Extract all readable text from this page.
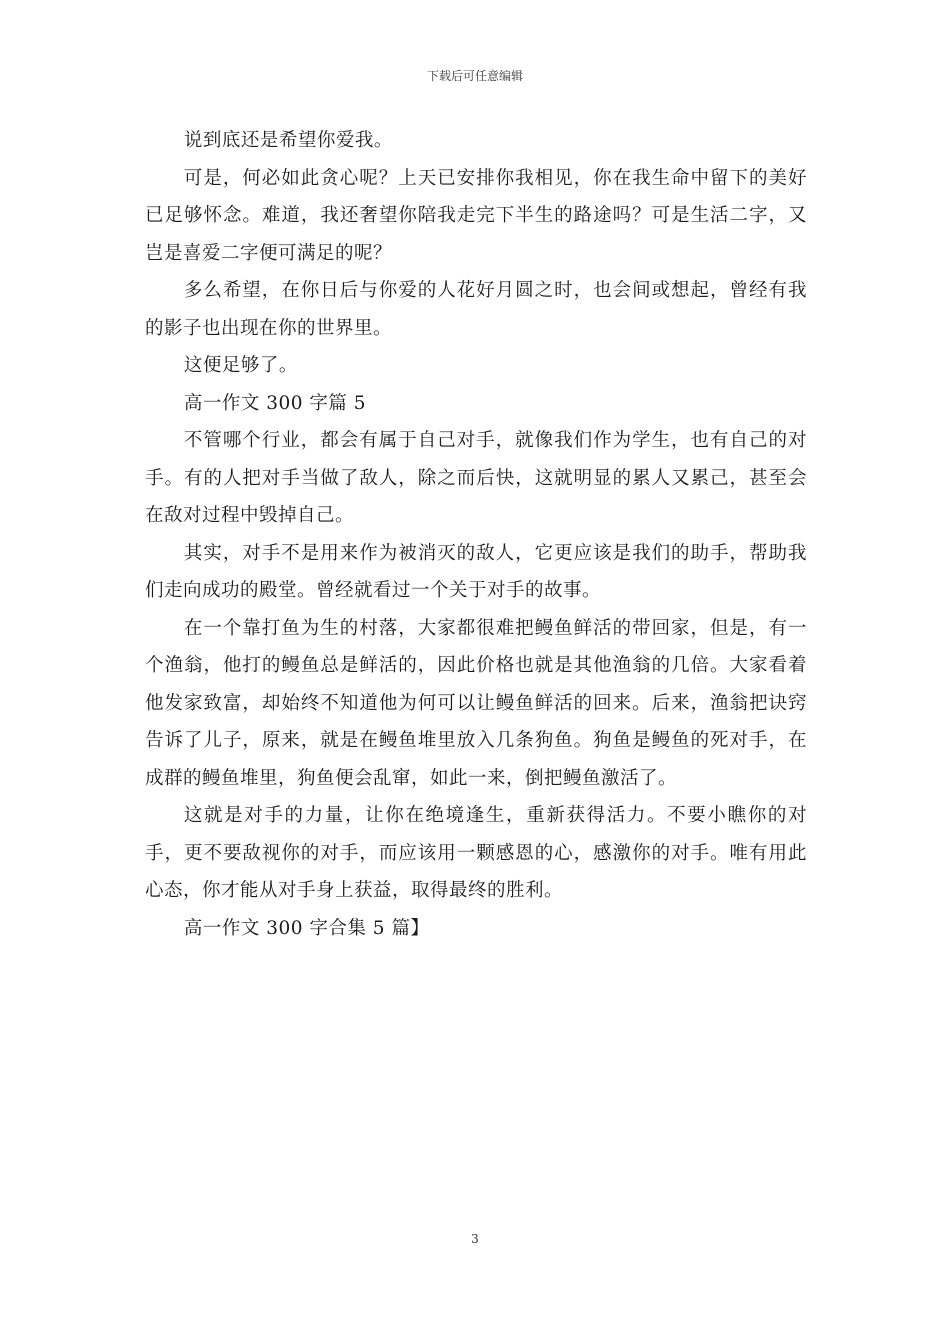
下载后可任意编辑

说到底还是希望你爱我。

可是，何必如此贪心呢？上天已安排你我相见，你在我生命中留下的美好已足够怀念。难道，我还奢望你陪我走完下半生的路途吗？可是生活二字，又岂是喜爱二字便可满足的呢？

多么希望，在你日后与你爱的人花好月圆之时，也会间或想起，曾经有我的影子也出现在你的世界里。

这便足够了。

高一作文 300 字篇 5

不管哪个行业，都会有属于自己对手，就像我们作为学生，也有自己的对手。有的人把对手当做了敌人，除之而后快，这就明显的累人又累己，甚至会在敌对过程中毁掉自己。

其实，对手不是用来作为被消灭的敌人，它更应该是我们的助手，帮助我们走向成功的殿堂。曾经就看过一个关于对手的故事。

在一个靠打鱼为生的村落，大家都很难把鳗鱼鲜活的带回家，但是，有一个渔翁，他打的鳗鱼总是鲜活的，因此价格也就是其他渔翁的几倍。大家看着他发家致富，却始终不知道他为何可以让鳗鱼鲜活的回来。后来，渔翁把诀窍告诉了儿子，原来，就是在鳗鱼堆里放入几条狗鱼。狗鱼是鳗鱼的死对手，在成群的鳗鱼堆里，狗鱼便会乱窜，如此一来，倒把鳗鱼激活了。

这就是对手的力量，让你在绝境逢生，重新获得活力。不要小瞧你的对手，更不要敌视你的对手，而应该用一颗感恩的心，感激你的对手。唯有用此心态，你才能从对手身上获益，取得最终的胜利。

高一作文 300 字合集 5 篇】

3
